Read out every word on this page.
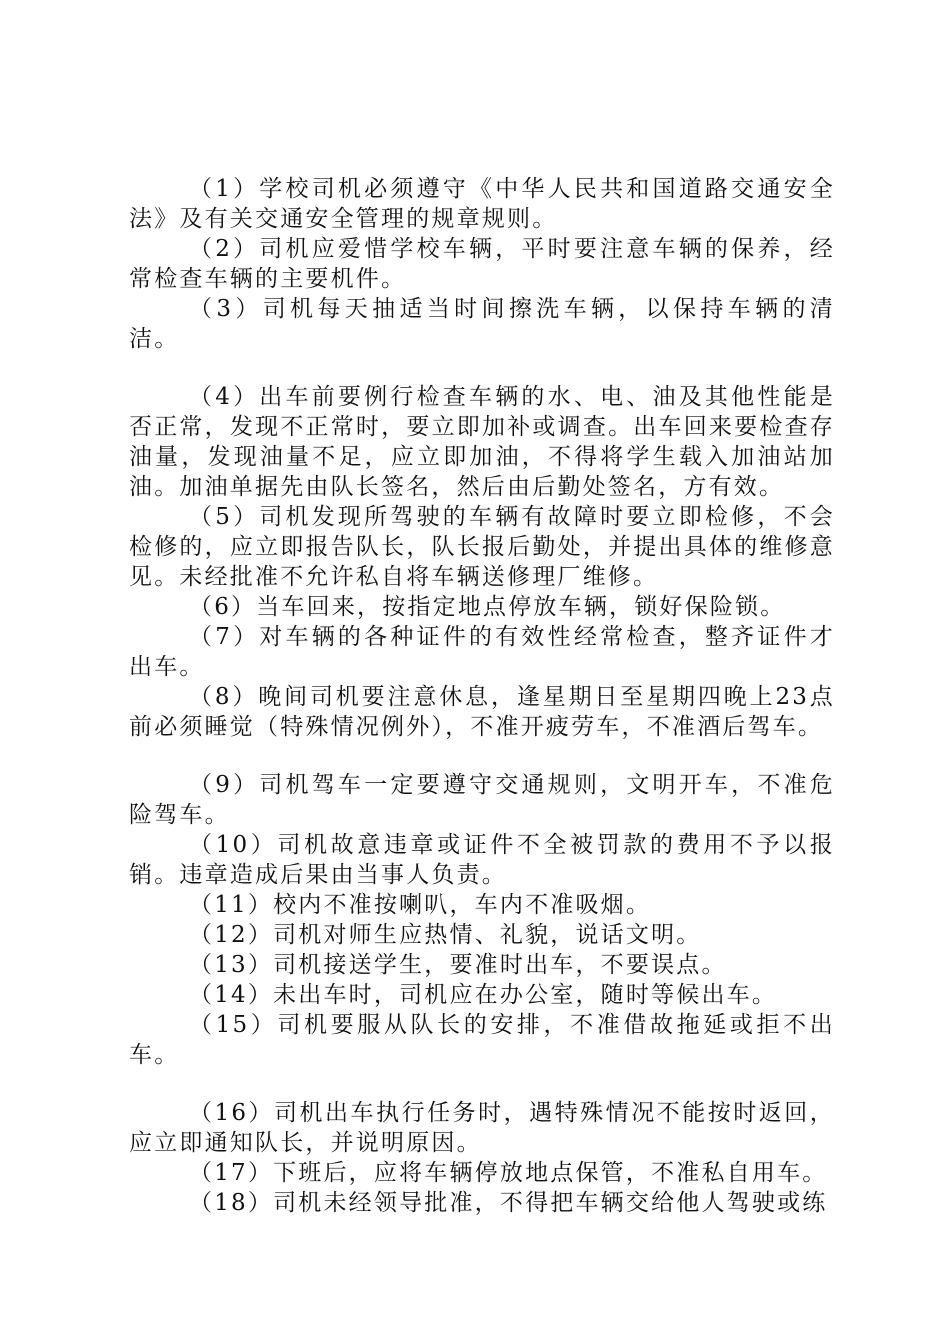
（1）学校司机必须遵守《中华人民共和国道路交通安全法》及有关交通安全管理的规章规则。

（2）司机应爱惜学校车辆，平时要注意车辆的保养，经常检查车辆的主要机件。

（3）司机每天抽适当时间擦洗车辆，以保持车辆的清洁。

（4）出车前要例行检查车辆的水、电、油及其他性能是否正常，发现不正常时，要立即加补或调查。出车回来要检查存油量，发现油量不足，应立即加油，不得将学生载入加油站加油。加油单据先由队长签名，然后由后勤处签名，方有效。

（5）司机发现所驾驶的车辆有故障时要立即检修，不会检修的，应立即报告队长，队长报后勤处，并提出具体的维修意见。未经批准不允许私自将车辆送修理厂维修。

（6）当车回来，按指定地点停放车辆，锁好保险锁。

（7）对车辆的各种证件的有效性经常检查，整齐证件才出车。

（8）晚间司机要注意休息，逢星期日至星期四晚上23点前必须睡觉（特殊情况例外），不准开疲劳车，不准酒后驾车。

（9）司机驾车一定要遵守交通规则，文明开车，不准危险驾车。

（10）司机故意违章或证件不全被罚款的费用不予以报销。违章造成后果由当事人负责。

（11）校内不准按喇叭，车内不准吸烟。

（12）司机对师生应热情、礼貌，说话文明。

（13）司机接送学生，要准时出车，不要误点。

（14）未出车时，司机应在办公室，随时等候出车。

（15）司机要服从队长的安排，不准借故拖延或拒不出车。

（16）司机出车执行任务时，遇特殊情况不能按时返回，应立即通知队长，并说明原因。

（17）下班后，应将车辆停放地点保管，不准私自用车。

（18）司机未经领导批准，不得把车辆交给他人驾驶或练
